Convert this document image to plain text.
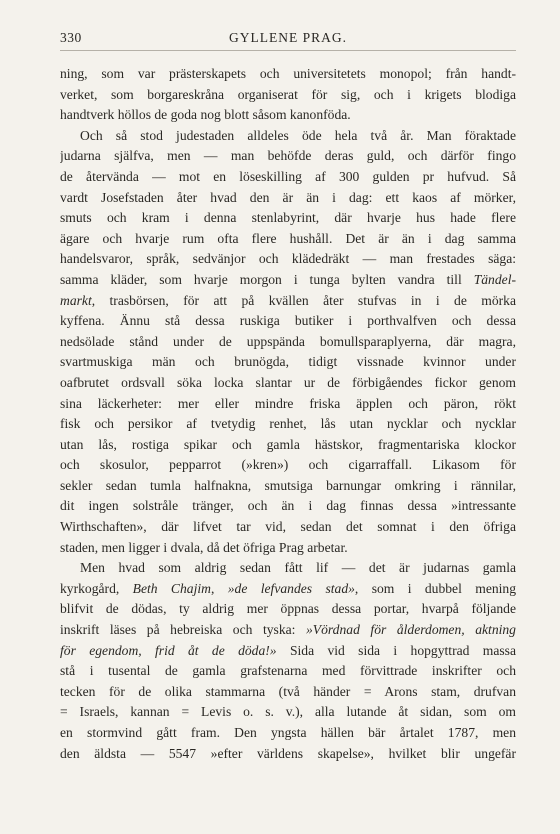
330	GYLLENE PRAG.
ning, som var prästerskapets och universitetets monopol; från handt-
verket, som borgareskråna organiserat för sig, och i krigets blodiga
handtverk höllos de goda nog blott såsom kanonföda.
Och så stod judestaden alldeles öde hela två år. Man föraktade
judarna själfva, men — man behöfde deras guld, och därför fingo
de återvända — mot en löseskilling af 300 gulden pr hufvud. Så
vardt Josefstaden åter hvad den är än i dag: ett kaos af mörker,
smuts och kram i denna stenlabyrint, där hvarje hus hade flere
ägare och hvarje rum ofta flere hushåll. Det är än i dag samma
handelsvaror, språk, sedvänjor och klädedräkt — man frestades säga:
samma kläder, som hvarje morgon i tunga bylten vandra till Tändel-
markt, trasbörsen, för att på kvällen åter stufvas in i de mörka
kyffena. Ännu stå dessa ruskiga butiker i porthvalfven och dessa
nedsölade stånd under de uppspända bomullsparaplyerna, där magra,
svartmuskiga män och brunögda, tidigt vissnade kvinnor under
oafbrutet ordsvall söka locka slantar ur de förbigåendes fickor genom
sina läckerheter: mer eller mindre friska äpplen och päron, rökt
fisk och persikor af tvetydig renhet, lås utan nycklar och nycklar
utan lås, rostiga spikar och gamla hästskor, fragmentariska klockor
och skosulor, pepparrot (»kren») och cigarraffall. Likasom för
sekler sedan tumla halfnakna, smutsiga barnungar omkring i rännilar,
dit ingen solstråle tränger, och än i dag finnas dessa »intressante
Wirthschaften», där lifvet tar vid, sedan det somnat i den öfriga
staden, men ligger i dvala, då det öfriga Prag arbetar.
Men hvad som aldrig sedan fått lif — det är judarnas gamla
kyrkogård, Beth Chajim, »de lefvandes stad», som i dubbel mening
blifvit de dödas, ty aldrig mer öppnas dessa portar, hvarpå följande
inskrift läses på hebreiska och tyska: »Vördnad för ålderdomen, aktning
för egendom, frid åt de döda!» Sida vid sida i hopgyttrad massa
stå i tusental de gamla grafstenarna med förvittrade inskrifter och
tecken för de olika stammarna (två händer = Arons stam, drufvan
= Israels, kannan = Levis o. s. v.), alla lutande åt sidan, som om
en stormvind gått fram. Den yngsta hällen bär årtalet 1787, men
den äldsta — 5547 »efter världens skapelse», hvilket blir ungefär
